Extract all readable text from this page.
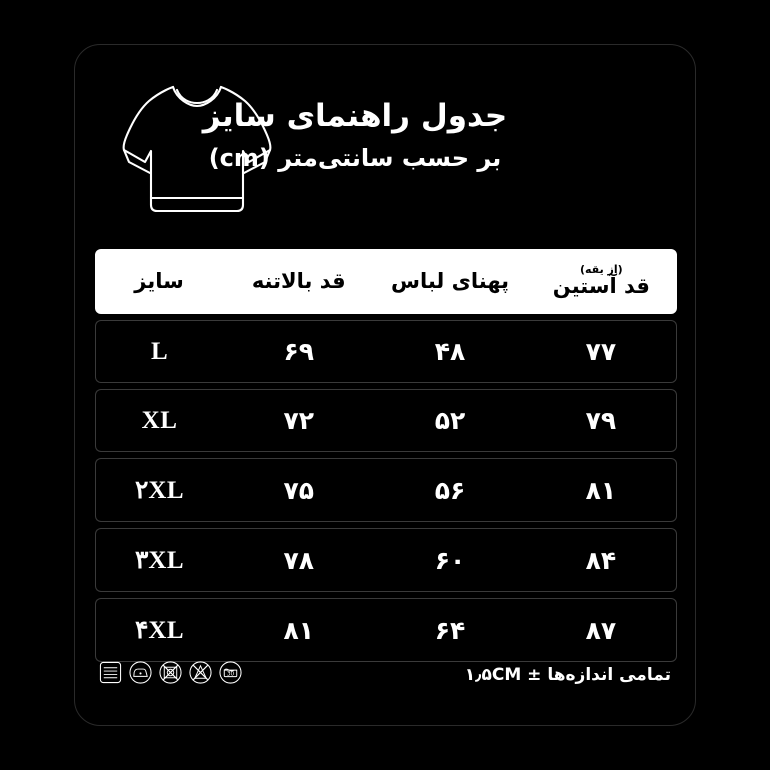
جدول راهنمای سایز
بر حسب سانتی‌متر (cm)
(از یقه)
قد آستین	پهنای لباس	قد بالاتنه	سایز
۷۷	۴۸	۶۹	L
۷۹	۵۲	۷۲	XL
۸۱	۵۶	۷۵	۲XL
۸۴	۶۰	۷۸	۳XL
۸۷	۶۴	۸۱	۴XL
تمامی اندازه‌ها ± ۱٫۵CM
30
